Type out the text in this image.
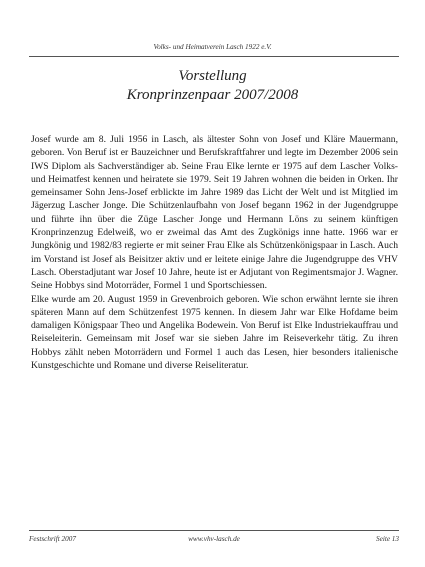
Volks- und Heimatverein Lasch 1922 e.V.
Vorstellung
Kronprinzenpaar 2007/2008

Josef wurde am 8. Juli 1956 in Lasch, als ältester Sohn von Josef und Kläre Mauermann, geboren. Von Beruf ist er Bauzeichner und Berufskraftfahrer und legte im Dezember 2006 sein IWS Diplom als Sachverständiger ab. Seine Frau Elke lernte er 1975 auf dem Lascher Volks- und Heimatfest kennen und heiratete sie 1979. Seit 19 Jahren wohnen die beiden in Orken. Ihr gemeinsamer Sohn Jens-Josef erblickte im Jahre 1989 das Licht der Welt und ist Mitglied im Jägerzug Lascher Jonge. Die Schützenlaufbahn von Josef begann 1962 in der Jugendgruppe und führte ihn über die Züge Lascher Jonge und Hermann Löns zu seinem künftigen Kronprinzenzug Edelweiß, wo er zweimal das Amt des Zugkönigs inne hatte. 1966 war er Jungkönig und 1982/83 regierte er mit seiner Frau Elke als Schützenkönigspaar in Lasch. Auch im Vorstand ist Josef als Beisitzer aktiv und er leitete einige Jahre die Jugendgruppe des VHV Lasch. Oberstadjutant war Josef 10 Jahre, heute ist er Adjutant von Regimentsmajor J. Wagner. Seine Hobbys sind Motorräder, Formel 1 und Sportschiessen.

Elke wurde am 20. August 1959 in Grevenbroich geboren. Wie schon erwähnt lernte sie ihren späteren Mann auf dem Schützenfest 1975 kennen. In diesem Jahr war Elke Hofdame beim damaligen Königspaar Theo und Angelika Bodewein. Von Beruf ist Elke Industriekauffrau und Reiseleiterin. Gemeinsam mit Josef war sie sieben Jahre im Reiseverkehr tätig. Zu ihren Hobbys zählt neben Motorrädern und Formel 1 auch das Lesen, hier besonders italienische Kunstgeschichte und Romane und diverse Reiseliteratur.

Festschrift 2007	www.vhv-lasch.de	Seite 13
